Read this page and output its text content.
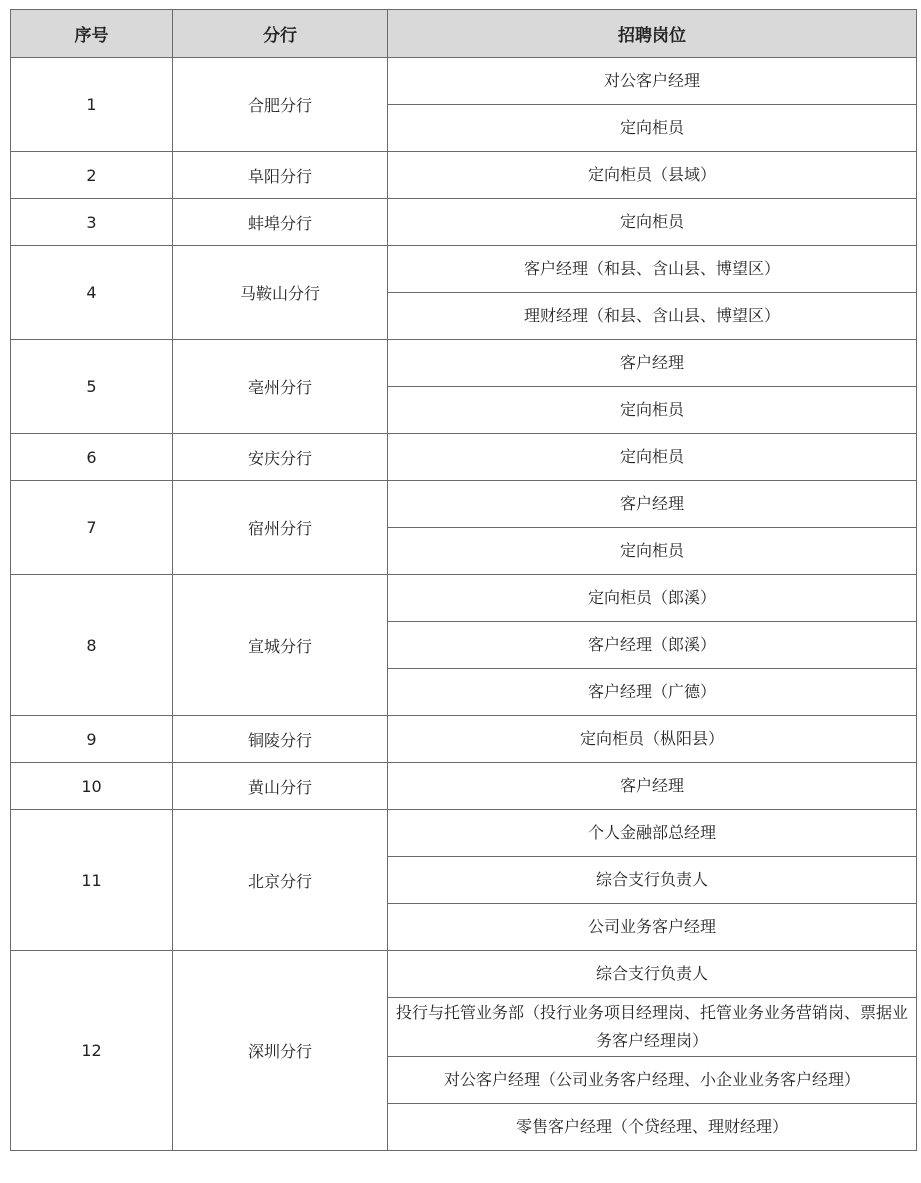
序号	分行	招聘岗位
1	合肥分行	对公客户经理
		定向柜员
2	阜阳分行	定向柜员（县域）
3	蚌埠分行	定向柜员
4	马鞍山分行	客户经理（和县、含山县、博望区）
		理财经理（和县、含山县、博望区）
5	亳州分行	客户经理
		定向柜员
6	安庆分行	定向柜员
7	宿州分行	客户经理
		定向柜员
8	宣城分行	定向柜员（郎溪）
		客户经理（郎溪）
		客户经理（广德）
9	铜陵分行	定向柜员（枞阳县）
10	黄山分行	客户经理
11	北京分行	个人金融部总经理
		综合支行负责人
		公司业务客户经理
12	深圳分行	综合支行负责人
		投行与托管业务部（投行业务项目经理岗、托管业务业务营销岗、票据业务客户经理岗）
		对公客户经理（公司业务客户经理、小企业业务客户经理）
		零售客户经理（个贷经理、理财经理）
